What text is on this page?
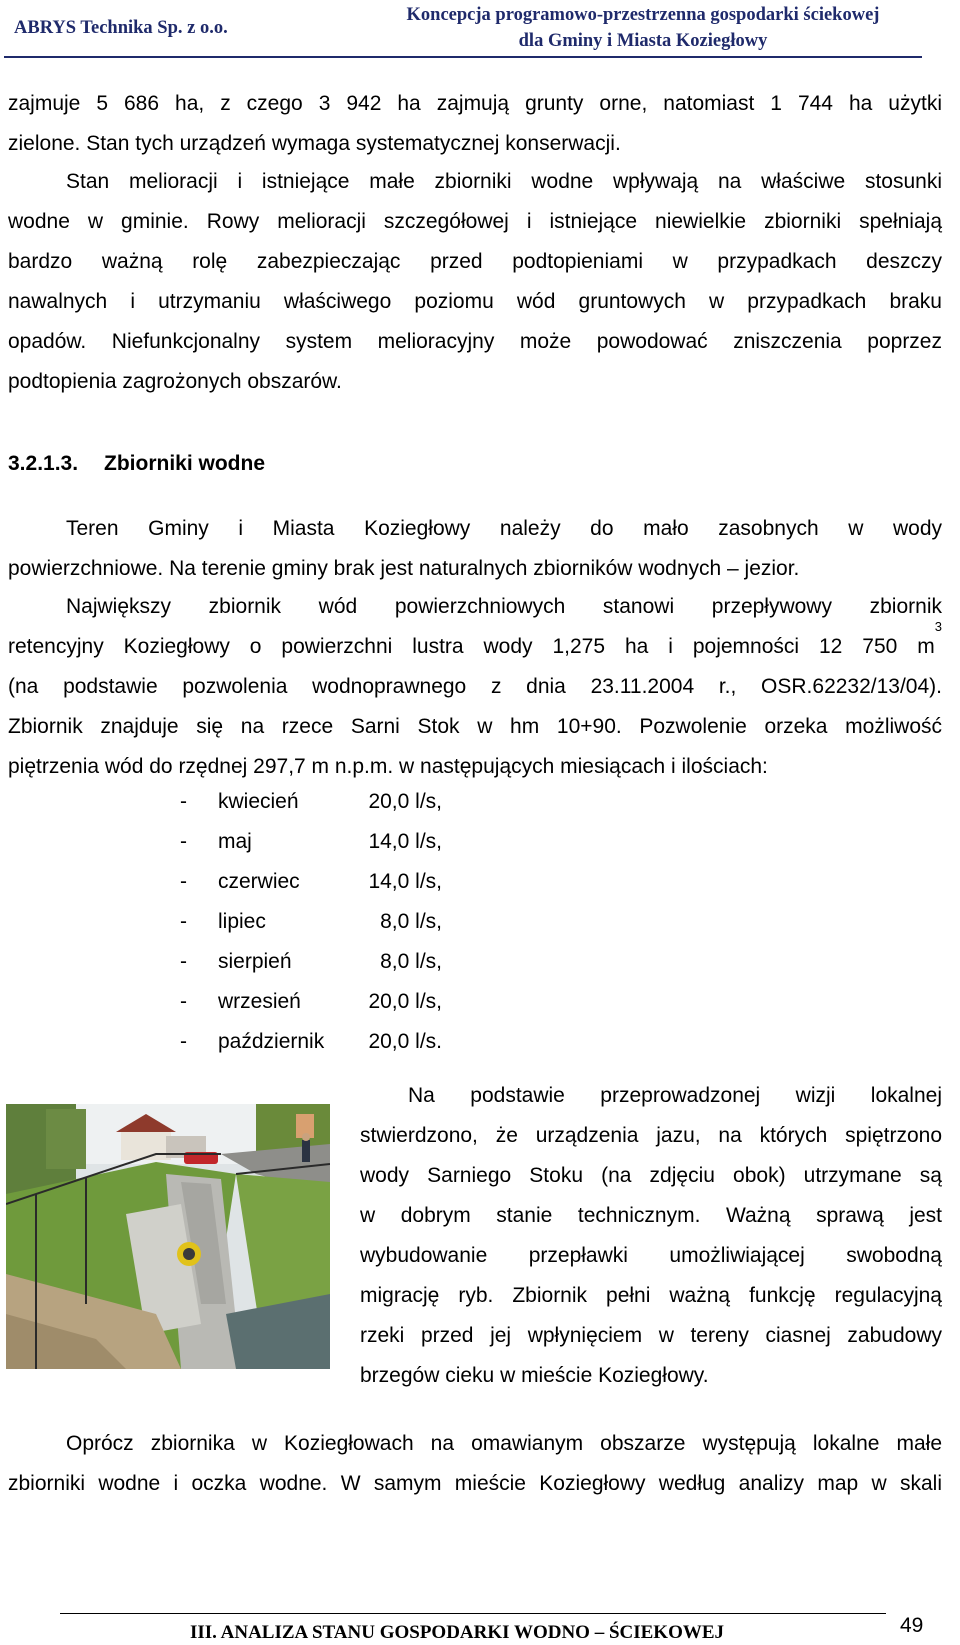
ABRYS Technika Sp. z o.o.
Koncepcja programowo-przestrzenna gospodarki ściekowej
dla Gminy i Miasta Koziegłowy
zajmuje 5 686 ha, z czego 3 942 ha zajmują grunty orne, natomiast 1 744 ha użytki
zielone. Stan tych urządzeń wymaga systematycznej konserwacji.
Stan melioracji i istniejące małe zbiorniki wodne wpływają na właściwe stosunki
wodne w gminie. Rowy melioracji szczegółowej i istniejące niewielkie zbiorniki spełniają
bardzo ważną rolę zabezpieczając przed podtopieniami w przypadkach deszczy
nawalnych i utrzymaniu właściwego poziomu wód gruntowych w przypadkach braku
opadów. Niefunkcjonalny system melioracyjny może powodować zniszczenia poprzez
podtopienia zagrożonych obszarów.
3.2.1.3. Zbiorniki wodne
Teren Gminy i Miasta Koziegłowy należy do mało zasobnych w wody
powierzchniowe. Na terenie gminy brak jest naturalnych zbiorników wodnych – jezior.
Największy zbiornik wód powierzchniowych stanowi przepływowy zbiornik
retencyjny Koziegłowy o powierzchni lustra wody 1,275 ha i pojemności 12 750 m
3
(na podstawie pozwolenia wodnoprawnego z dnia 23.11.2004 r., OSR.62232/13/04).
Zbiornik znajduje się na rzece Sarni Stok w hm 10+90. Pozwolenie orzeka możliwość
piętrzenia wód do rzędnej 297,7 m n.p.m. w następujących miesiącach i ilościach:
- kwiecień	20,0 l/s,
- maj	14,0 l/s,
- czerwiec	14,0 l/s,
- lipiec	8,0 l/s,
- sierpień	8,0 l/s,
- wrzesień	20,0 l/s,
- październik 20,0 l/s.
Na podstawie przeprowadzonej wizji lokalnej
stwierdzono, że urządzenia jazu, na których spiętrzono
wody Sarniego Stoku (na zdjęciu obok) utrzymane są
w dobrym stanie technicznym. Ważną sprawą jest
wybudowanie przepławki umożliwiającej swobodną
migrację ryb. Zbiornik pełni ważną funkcję regulacyjną
rzeki przed jej wpłynięciem w tereny ciasnej zabudowy
brzegów cieku w mieście Koziegłowy.
Oprócz zbiornika w Koziegłowach na omawianym obszarze występują lokalne małe
zbiorniki wodne i oczka wodne. W samym mieście Koziegłowy według analizy map w skali
III. ANALIZA STANU GOSPODARKI WODNO – ŚCIEKOWEJ	49
